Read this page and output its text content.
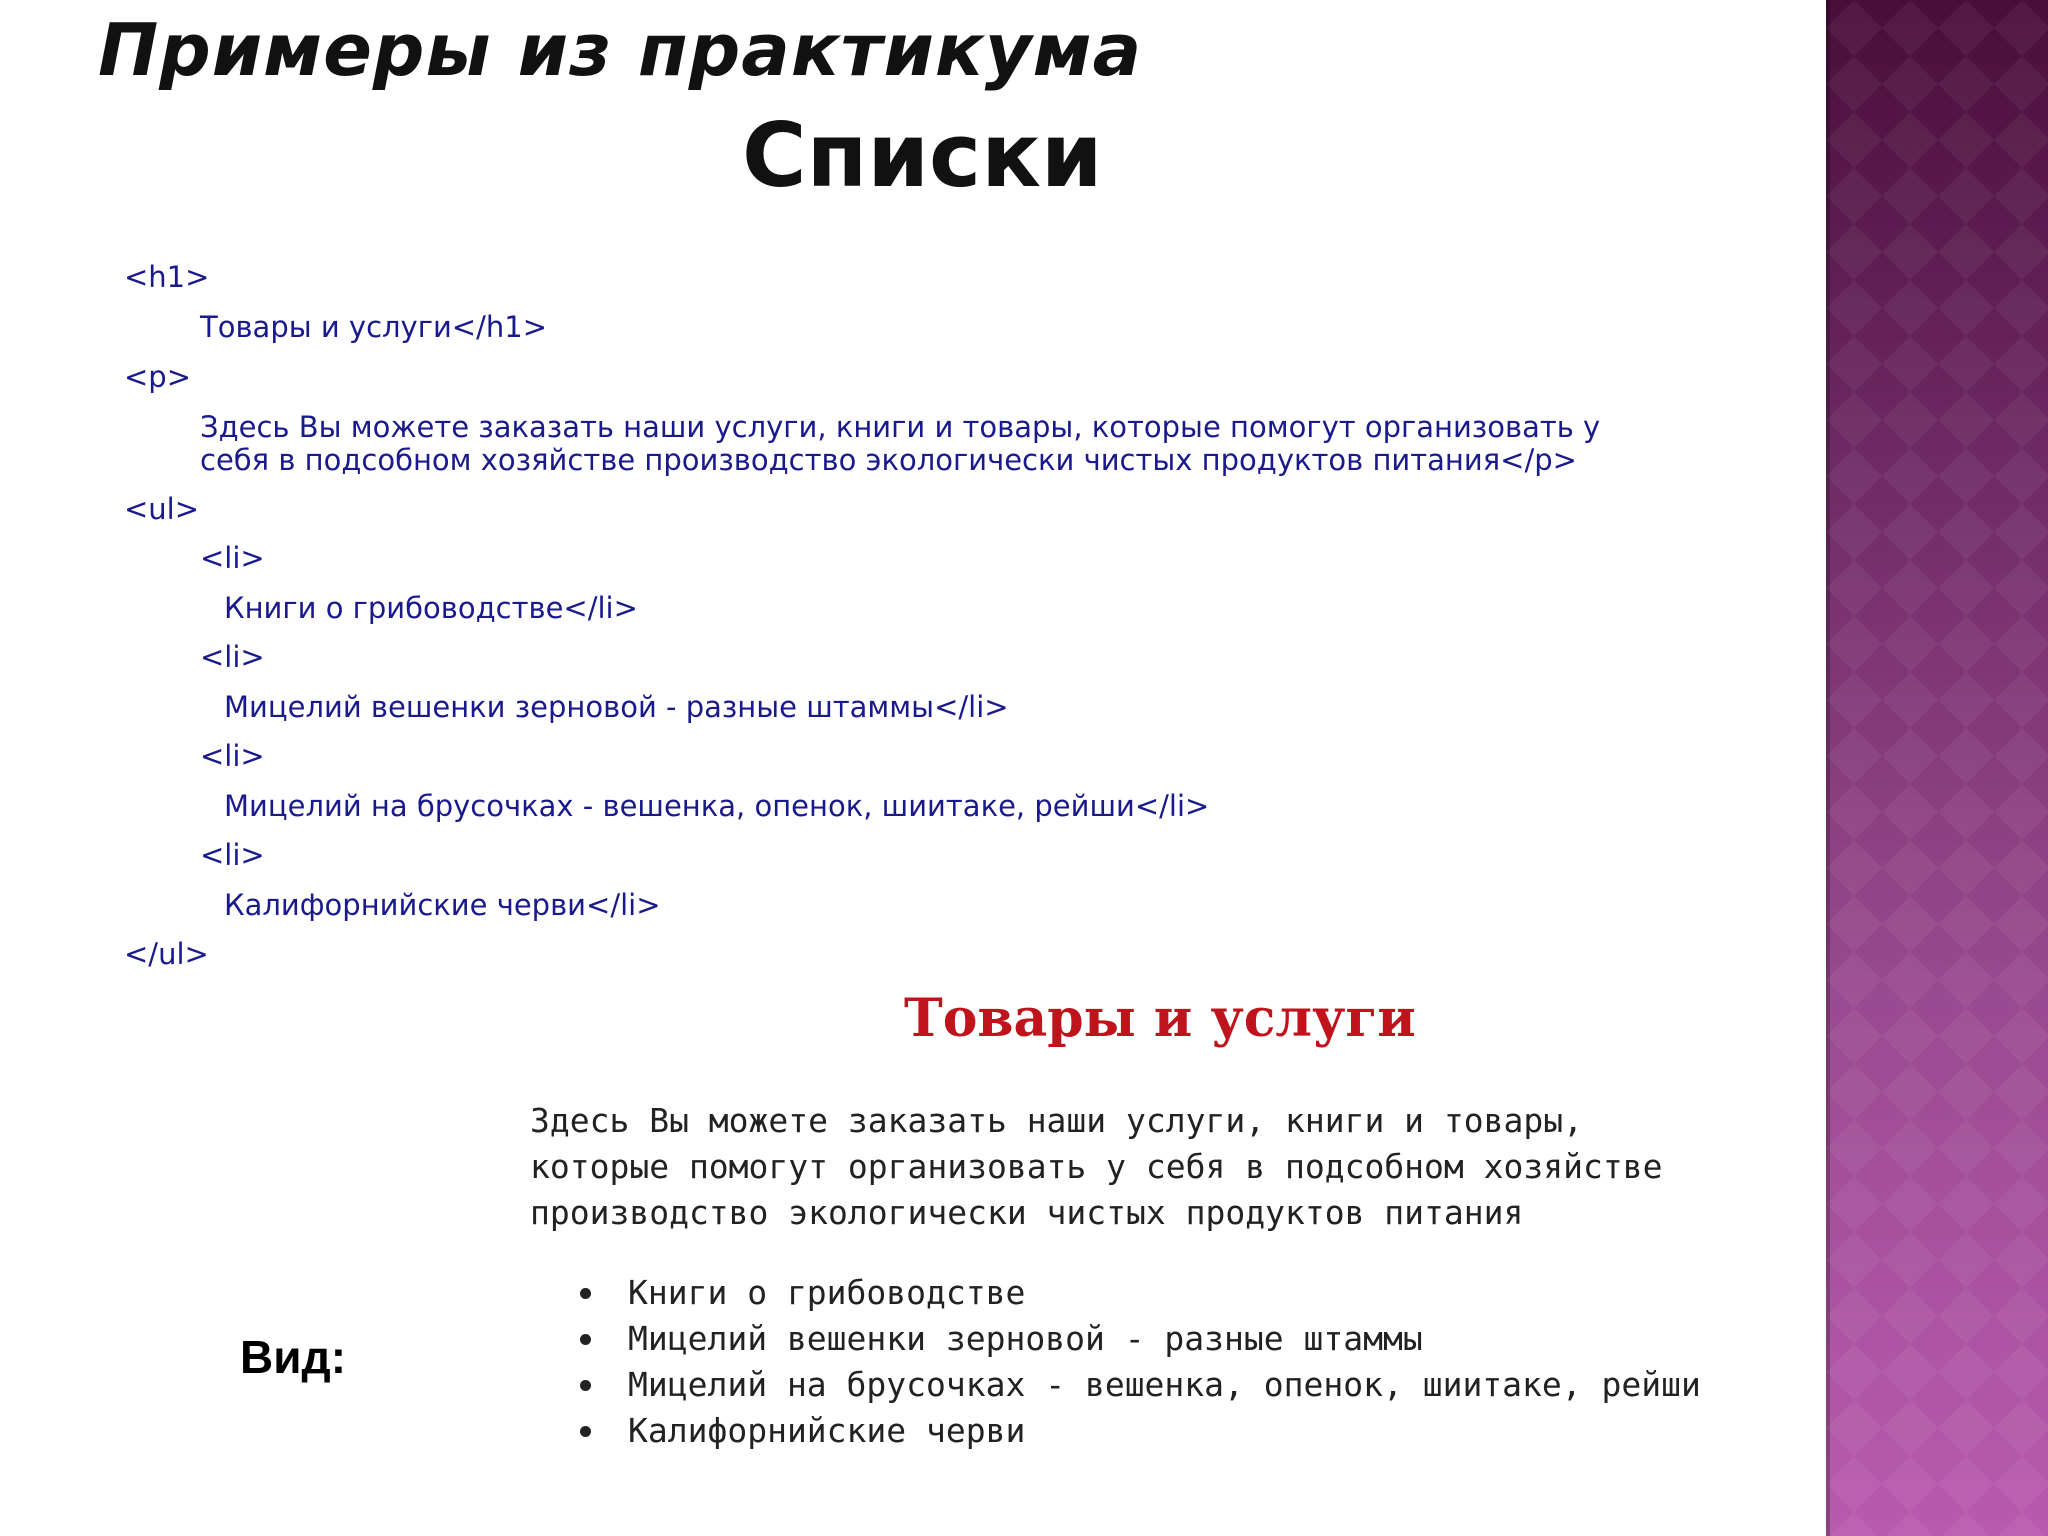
Примеры из практикума
Списки
<h1>
Товары и услуги</h1>
<p>
Здесь Вы можете заказать наши услуги, книги и товары, которые помогут организовать у
себя в подсобном хозяйстве производство экологически чистых продуктов питания</p>
<ul>
<li>
Книги о грибоводстве</li>
<li>
Мицелий вешенки зерновой - разные штаммы</li>
<li>
Мицелий на брусочках - вешенка, опенок, шиитаке, рейши</li>
<li>
Калифорнийские черви</li>
</ul>
Товары и услуги
Здесь Вы можете заказать наши услуги, книги и товары,
которые помогут организовать у себя в подсобном хозяйстве
производство экологически чистых продуктов питания
Книги о грибоводстве
Мицелий вешенки зерновой - разные штаммы
Мицелий на брусочках - вешенка, опенок, шиитаке, рейши
Калифорнийские черви
Вид:
